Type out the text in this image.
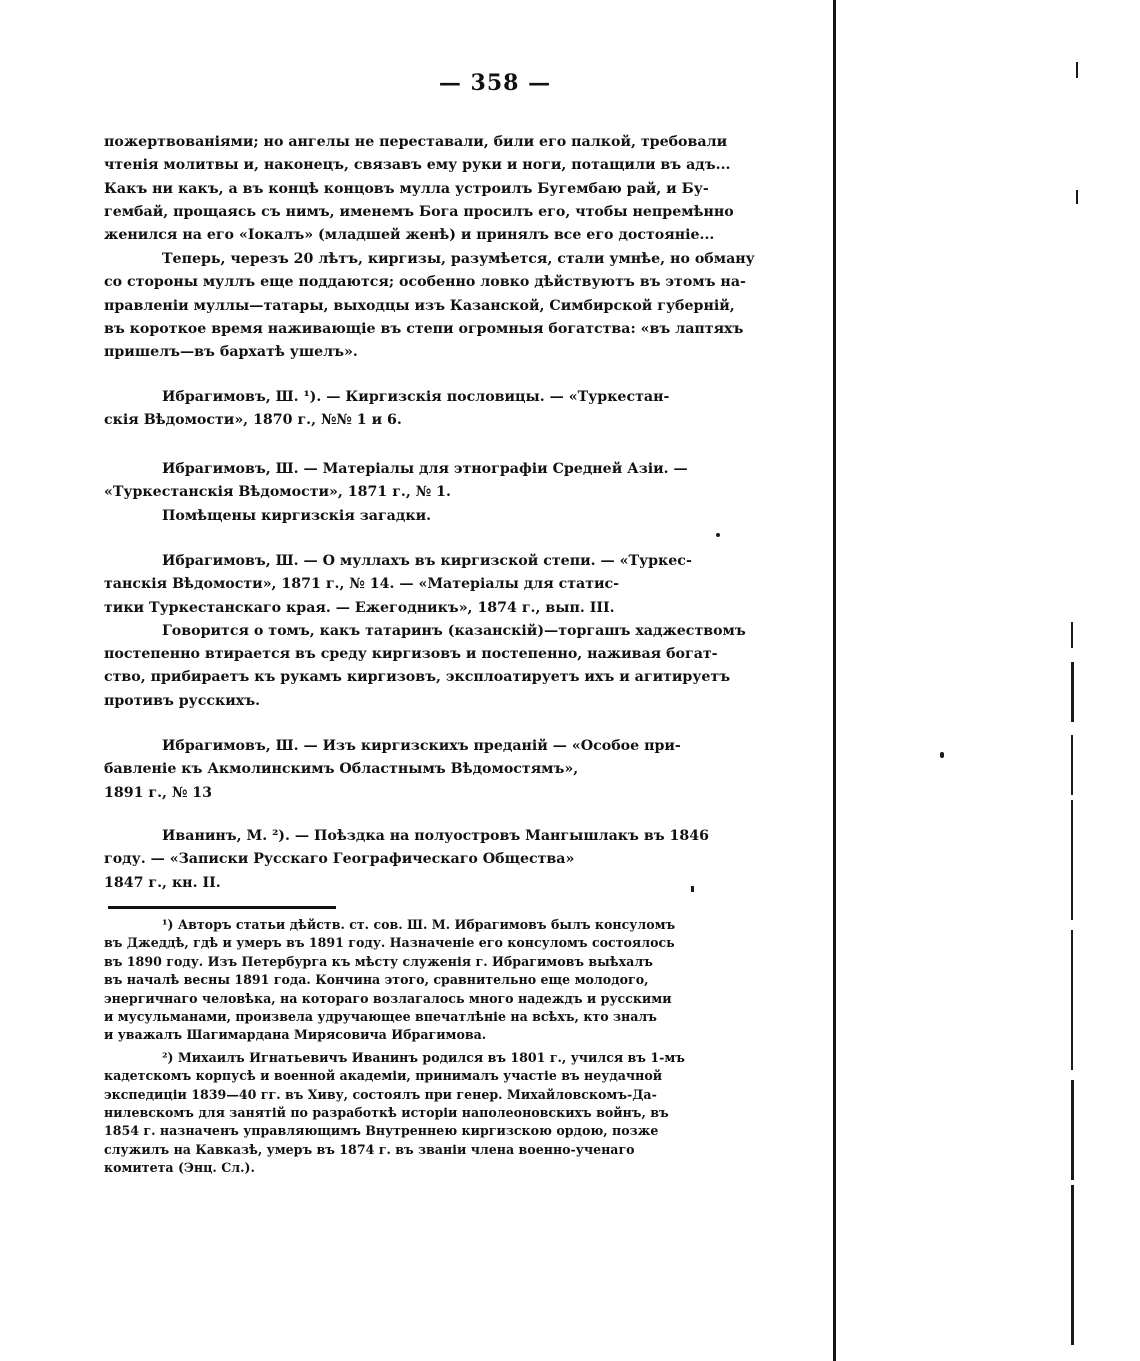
— 358 —

пожертвованіями; но ангелы не переставали, били его палкой, требовали

чтенія молитвы и, наконецъ, связавъ ему руки и ноги, потащили въ адъ...

Какъ ни какъ, а въ концѣ концовъ мулла устроилъ Бугембаю рай, и Бу-

гембай, прощаясь съ нимъ, именемъ Бога просилъ его, чтобы непремѣнно

женился на его «Іокалъ» (младшей женѣ) и принялъ все его достояніе...

Теперь, черезъ 20 лѣтъ, киргизы, разумѣется, стали умнѣе, но обману

со стороны муллъ еще поддаются; особенно ловко дѣйствуютъ въ этомъ на-

правленіи муллы—татары, выходцы изъ Казанской, Симбирской губерній,

въ короткое время наживающіе въ степи огромныя богатства: «въ лаптяхъ

пришелъ—въ бархатѣ ушелъ».

Ибрагимовъ, Ш. ¹). — Киргизскія пословицы. — «Туркестан-

скія Вѣдомости», 1870 г., №№ 1 и 6.

Ибрагимовъ, Ш. — Матеріалы для этнографіи Средней Азіи. —

«Туркестанскія Вѣдомости», 1871 г., № 1.

Помѣщены киргизскія загадки.

Ибрагимовъ, Ш. — О муллахъ въ киргизской степи. — «Туркес-

танскія Вѣдомости», 1871 г., № 14. — «Матеріалы для статис-

тики Туркестанскаго края. — Ежегодникъ», 1874 г., вып. III.

Говорится о томъ, какъ татаринъ (казанскій)—торгашъ хаджествомъ

постепенно втирается въ среду киргизовъ и постепенно, наживая богат-

ство, прибираетъ къ рукамъ киргизовъ, эксплоатируетъ ихъ и агитируетъ

противъ русскихъ.

Ибрагимовъ, Ш. — Изъ киргизскихъ преданій — «Особое при-

бавленіе къ Акмолинскимъ Областнымъ Вѣдомостямъ»,

1891 г., № 13

Иванинъ, М. ²). — Поѣздка на полуостровъ Мангышлакъ въ 1846

году. — «Записки Русскаго Географическаго Общества»

1847 г., кн. II.

¹) Авторъ статьи дѣйств. ст. сов. Ш. М. Ибрагимовъ былъ консуломъ
въ Джеддѣ, гдѣ и умеръ въ 1891 году. Назначеніе его консуломъ состоялось
въ 1890 году. Изъ Петербурга къ мѣсту служенія г. Ибрагимовъ выѣхалъ
въ началѣ весны 1891 года. Кончина этого, сравнительно еще молодого,
энергичнаго человѣка, на котораго возлагалось много надеждъ и русскими
и мусульманами, произвела удручающее впечатлѣніе на всѣхъ, кто зналъ
и уважалъ Шагимардана Мирясовича Ибрагимова.

²) Михаилъ Игнатьевичъ Иванинъ родился въ 1801 г., учился въ 1-мъ
кадетскомъ корпусѣ и военной академіи, принималъ участіе въ неудачной
экспедиціи 1839—40 гг. въ Хиву, состоялъ при генер. Михайловскомъ-Да-
нилевскомъ для занятій по разработкѣ исторіи наполеоновскихъ войнъ, въ
1854 г. назначенъ управляющимъ Внутреннею киргизскою ордою, позже
служилъ на Кавказѣ, умеръ въ 1874 г. въ званіи члена военно-ученаго
комитета (Энц. Сл.).
